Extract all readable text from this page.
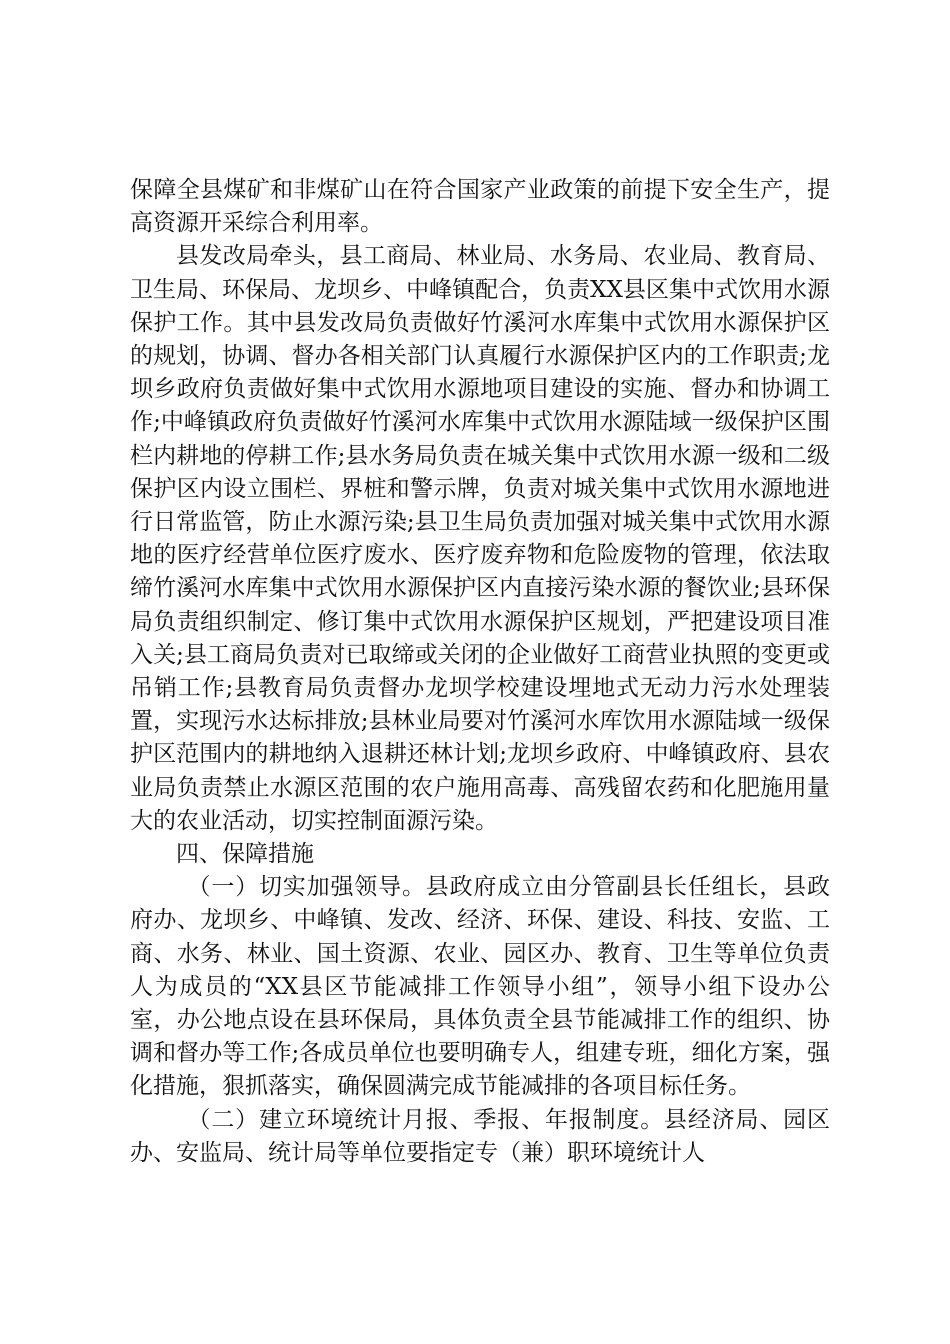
保障全县煤矿和非煤矿山在符合国家产业政策的前提下安全生产，提高资源开采综合利用率。

县发改局牵头，县工商局、林业局、水务局、农业局、教育局、卫生局、环保局、龙坝乡、中峰镇配合，负责XX县区集中式饮用水源保护工作。其中县发改局负责做好竹溪河水库集中式饮用水源保护区的规划，协调、督办各相关部门认真履行水源保护区内的工作职责;龙坝乡政府负责做好集中式饮用水源地项目建设的实施、督办和协调工作;中峰镇政府负责做好竹溪河水库集中式饮用水源陆域一级保护区围栏内耕地的停耕工作;县水务局负责在城关集中式饮用水源一级和二级保护区内设立围栏、界桩和警示牌，负责对城关集中式饮用水源地进行日常监管，防止水源污染;县卫生局负责加强对城关集中式饮用水源地的医疗经营单位医疗废水、医疗废弃物和危险废物的管理，依法取缔竹溪河水库集中式饮用水源保护区内直接污染水源的餐饮业;县环保局负责组织制定、修订集中式饮用水源保护区规划，严把建设项目准入关;县工商局负责对已取缔或关闭的企业做好工商营业执照的变更或吊销工作;县教育局负责督办龙坝学校建设埋地式无动力污水处理装置，实现污水达标排放;县林业局要对竹溪河水库饮用水源陆域一级保护区范围内的耕地纳入退耕还林计划;龙坝乡政府、中峰镇政府、县农业局负责禁止水源区范围的农户施用高毒、高残留农药和化肥施用量大的农业活动，切实控制面源污染。

四、保障措施

（一）切实加强领导。县政府成立由分管副县长任组长，县政府办、龙坝乡、中峰镇、发改、经济、环保、建设、科技、安监、工商、水务、林业、国土资源、农业、园区办、教育、卫生等单位负责人为成员的“XX县区节能减排工作领导小组”，领导小组下设办公室，办公地点设在县环保局，具体负责全县节能减排工作的组织、协调和督办等工作;各成员单位也要明确专人，组建专班，细化方案，强化措施，狠抓落实，确保圆满完成节能减排的各项目标任务。

（二）建立环境统计月报、季报、年报制度。县经济局、园区办、安监局、统计局等单位要指定专（兼）职环境统计人
